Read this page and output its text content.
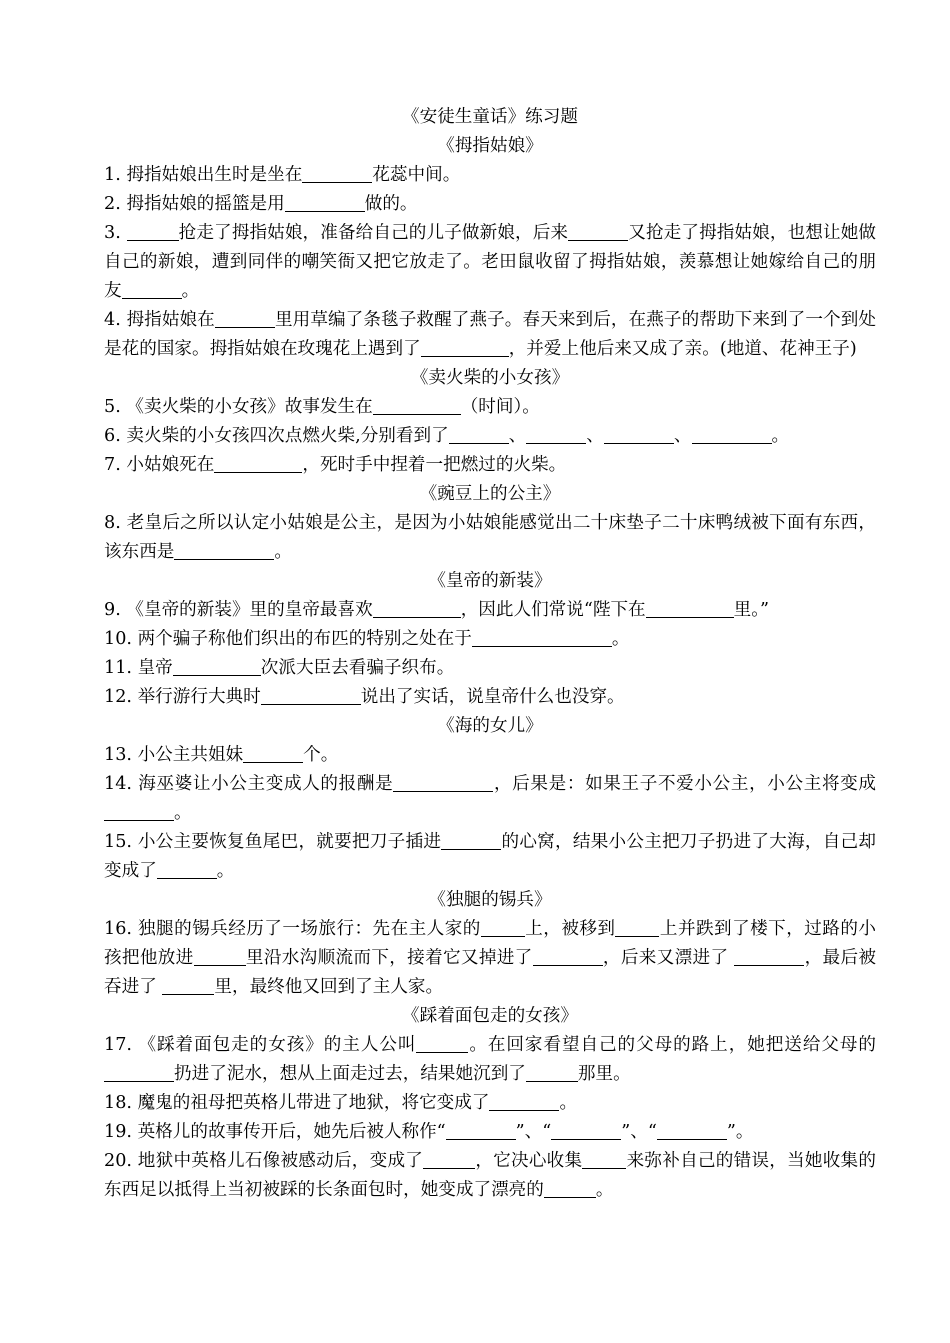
《安徒生童话》练习题
《拇指姑娘》
1. 拇指姑娘出生时是坐在	花蕊中间。
2. 拇指姑娘的摇篮是用	做的。
3.	抢走了拇指姑娘，准备给自己的儿子做新娘，后来	又抢走了拇指姑娘，也想让她做自己的新娘，遭到同伴的嘲笑衙又把它放走了。老田鼠收留了拇指姑娘，羡慕想让她嫁给自己的朋友	。
4. 拇指姑娘在	里用草编了条毯子救醒了燕子。春天来到后，在燕子的帮助下来到了一个到处是花的国家。拇指姑娘在玫瑰花上遇到了	，并爱上他后来又成了亲。(地道、花神王子)
《卖火柴的小女孩》
5. 《卖火柴的小女孩》故事发生在	（时间）。
6. 卖火柴的小女孩四次点燃火柴,分别看到了	、	、	、	。
7. 小姑娘死在	，死时手中捏着一把燃过的火柴。
《豌豆上的公主》
8. 老皇后之所以认定小姑娘是公主，是因为小姑娘能感觉出二十床垫子二十床鸭绒被下面有东西，该东西是	。
《皇帝的新装》
9. 《皇帝的新装》里的皇帝最喜欢	，因此人们常说“陛下在	里。”
10. 两个骗子称他们织出的布匹的特别之处在于	。
11. 皇帝	次派大臣去看骗子织布。
12. 举行游行大典时	说出了实话，说皇帝什么也没穿。
《海的女儿》
13. 小公主共姐妹	个。
14. 海巫婆让小公主变成人的报酬是	，后果是：如果王子不爱小公主，小公主将变成。
15. 小公主要恢复鱼尾巴，就要把刀子插进	的心窝，结果小公主把刀子扔进了大海，自己却变成了	。
《独腿的锡兵》
16. 独腿的锡兵经历了一场旅行：先在主人家的	上，被移到	上并跌到了楼下，过路的小孩把他放进	里沿水沟顺流而下，接着它又掉进了	，后来又漂进了	，最后被吞进了	里，最终他又回到了主人家。
《踩着面包走的女孩》
17. 《踩着面包走的女孩》的主人公叫	。在回家看望自己的父母的路上，她把送给父母的扔进了泥水，想从上面走过去，结果她沉到了	那里。
18. 魔鬼的祖母把英格儿带进了地狱，将它变成了	。
19. 英格儿的故事传开后，她先后被人称作“	”、“	”、“	”。
20. 地狱中英格儿石像被感动后，变成了	，它决心收集	来弥补自己的错误，当她收集的东西足以抵得上当初被踩的长条面包时，她变成了漂亮的	。
